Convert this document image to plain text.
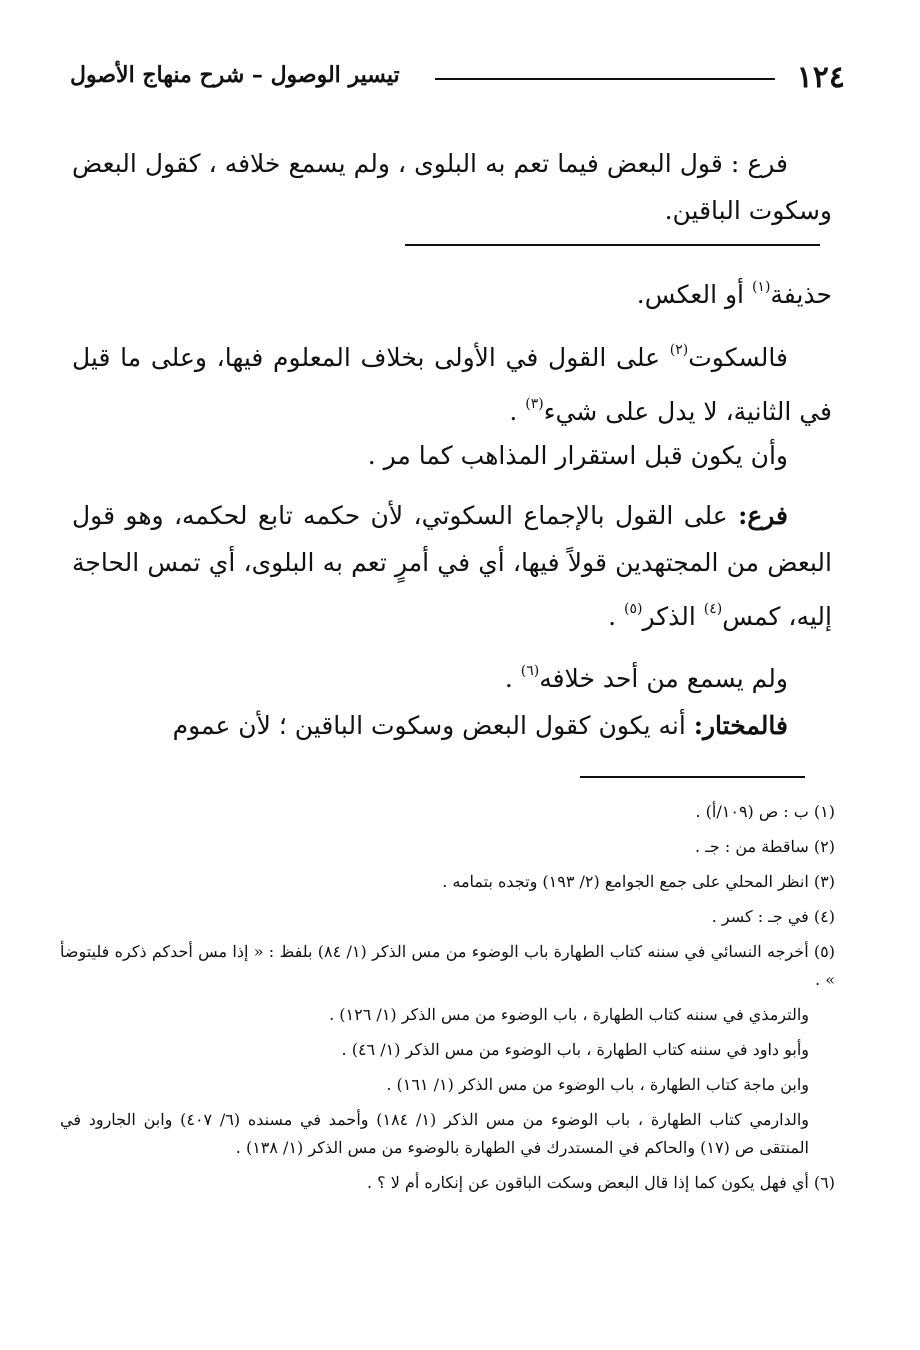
١٢٤
تيسير الوصول – شرح منهاج الأصول
فرع : قول البعض فيما تعم به البلوى ، ولم يسمع خلافه ، كقول البعض وسكوت الباقين.
حذيفة$^{(١)}$ أو العكس.
فالسكوت$^{(٢)}$ على القول في الأولى بخلاف المعلوم فيها، وعلى ما قيل في الثانية، لا يدل على شيء$^{(٣)}$ .
وأن يكون قبل استقرار المذاهب كما مر .
فرع: على القول بالإجماع السكوتي، لأن حكمه تابع لحكمه، وهو قول البعض من المجتهدين قولاً فيها، أي في أمرٍ تعم به البلوى، أي تمس الحاجة إليه، كمس$^{(٤)}$ الذكر$^{(٥)}$ .
ولم يسمع من أحد خلافه$^{(٦)}$ .
فالمختار: أنه يكون كقول البعض وسكوت الباقين ؛ لأن عموم
(١) ب : ص (١٠٩/أ) .
(٢) ساقطة من : جـ .
(٣) انظر المحلي على جمع الجوامع (٢/ ١٩٣) وتجده بتمامه .
(٤) في جـ : كسر .
(٥) أخرجه النسائي في سننه كتاب الطهارة باب الوضوء من مس الذكر (١/ ٨٤) بلفظ : « إذا مس أحدكم ذكره فليتوضأ » .
والترمذي في سننه كتاب الطهارة ، باب الوضوء من مس الذكر (١/ ١٢٦) .
وأبو داود في سننه كتاب الطهارة ، باب الوضوء من مس الذكر (١/ ٤٦) .
وابن ماجة كتاب الطهارة ، باب الوضوء من مس الذكر (١/ ١٦١) .
والدارمي كتاب الطهارة ، باب الوضوء من مس الذكر (١/ ١٨٤) وأحمد في مسنده (٦/ ٤٠٧) وابن الجارود في المنتقى ص (١٧) والحاكم في المستدرك في الطهارة بالوضوء من مس الذكر (١/ ١٣٨) .
(٦) أي فهل يكون كما إذا قال البعض وسكت الباقون عن إنكاره أم لا ؟ .
